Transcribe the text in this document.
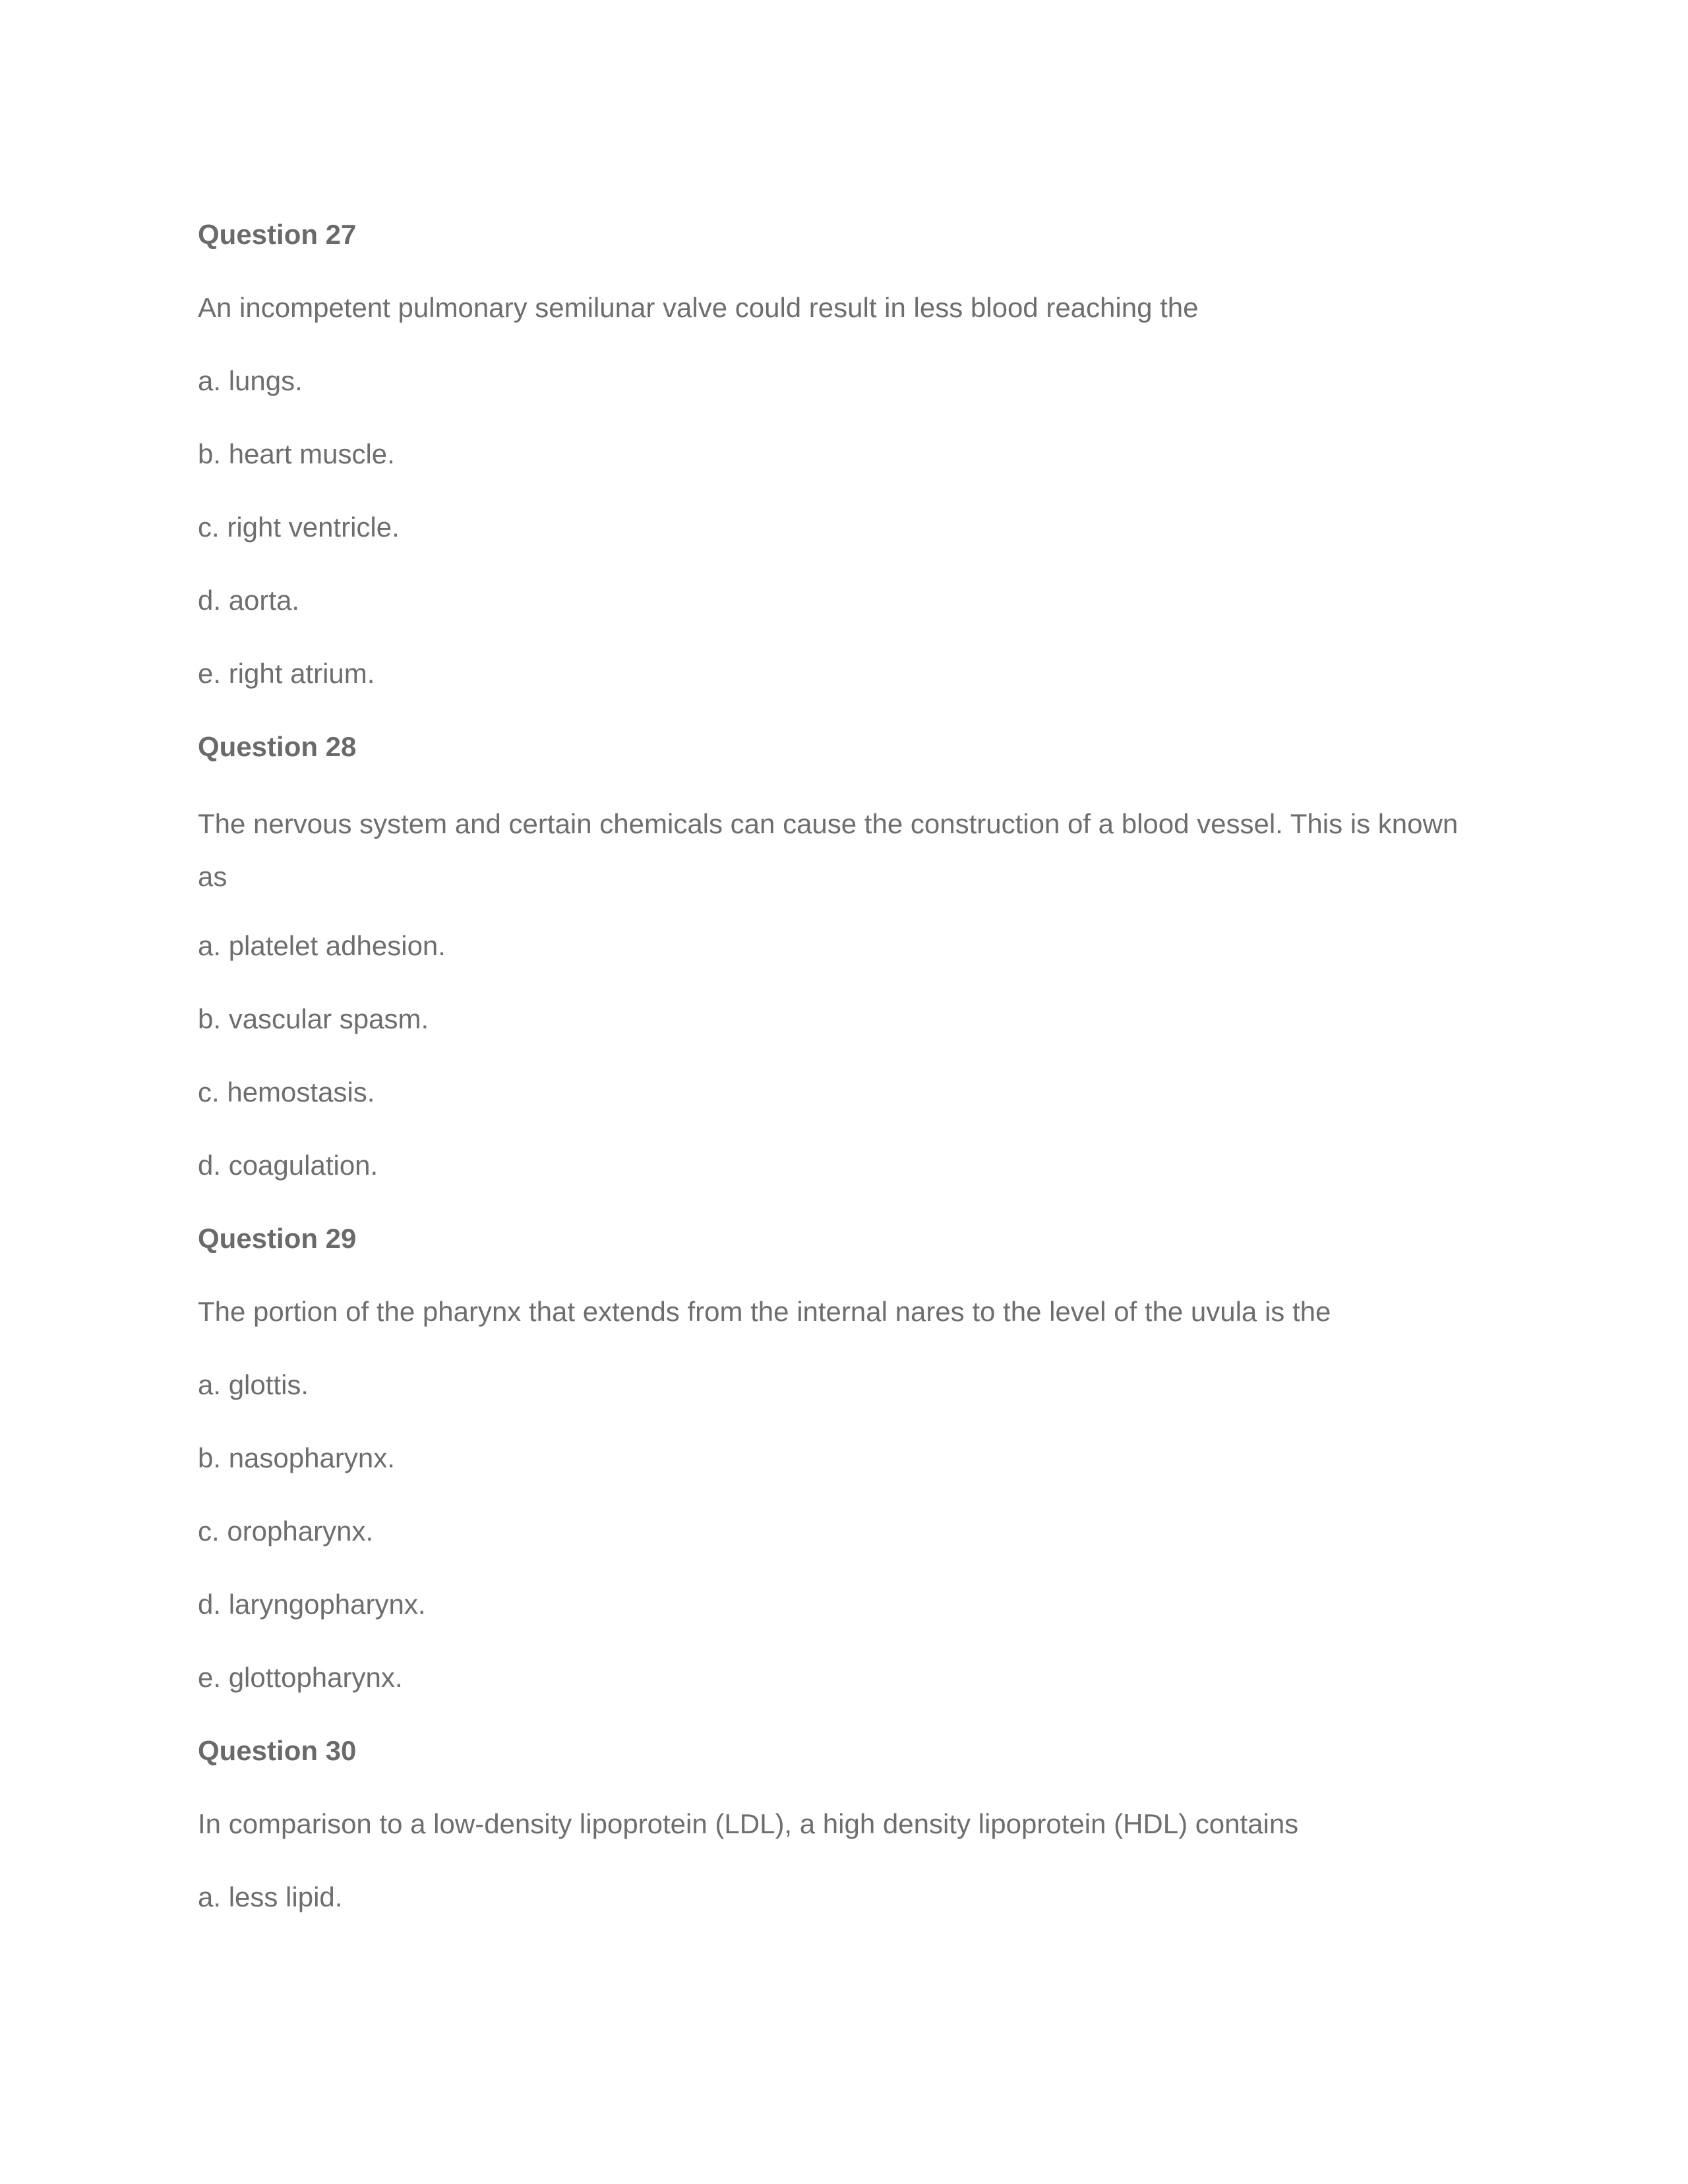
Question 27
An incompetent pulmonary semilunar valve could result in less blood reaching the
a. lungs.
b. heart muscle.
c. right ventricle.
d. aorta.
e. right atrium.
Question 28
The nervous system and certain chemicals can cause the construction of a blood vessel. This is known as
a. platelet adhesion.
b. vascular spasm.
c. hemostasis.
d. coagulation.
Question 29
The portion of the pharynx that extends from the internal nares to the level of the uvula is the
a. glottis.
b. nasopharynx.
c. oropharynx.
d. laryngopharynx.
e. glottopharynx.
Question 30
In comparison to a low-density lipoprotein (LDL), a high density lipoprotein (HDL) contains
a. less lipid.
